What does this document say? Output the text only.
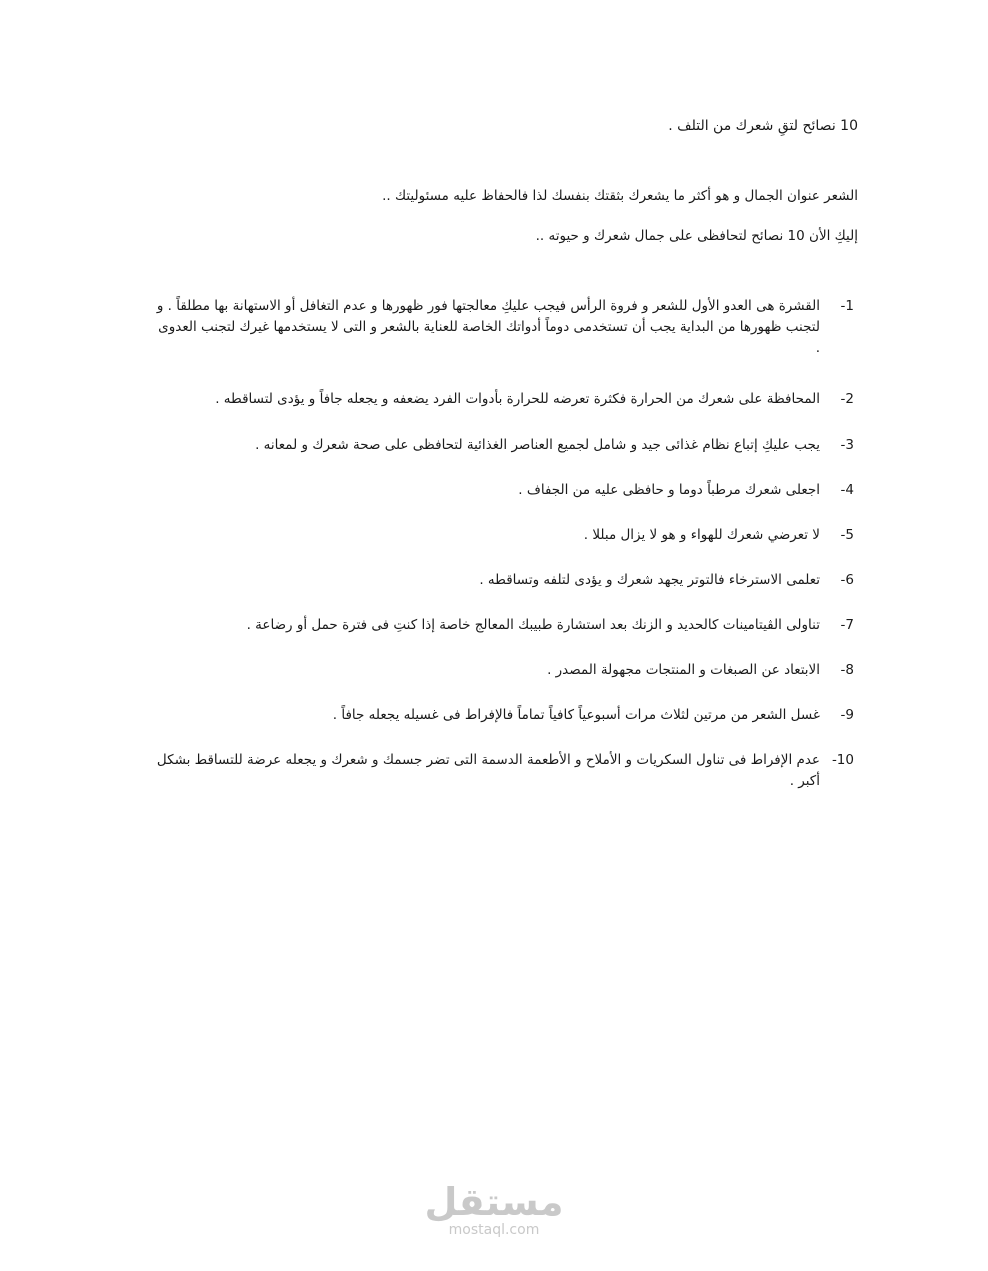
10 نصائح لتقِ شعرك من التلف .
الشعر عنوان الجمال و هو أكثر ما يشعرك بثقتك بنفسك لذا فالحفاظ عليه مسئوليتك ..
إليكِ الأن 10 نصائح لتحافظى على جمال شعرك و حيوته ..
-1
القشرة هى العدو الأول للشعر و فروة الرأس فيجب عليكِ معالجتها فور ظهورها و عدم التغافل أو الاستهانة بها مطلقاً . و لتجنب ظهورها من البداية يجب أن تستخدمى دوماً أدواتك الخاصة للعناية بالشعر و التى لا يستخدمها غيرك لتجنب العدوى .
-2
المحافظة على شعرك من الحرارة فكثرة تعرضه للحرارة بأدوات الفرد يضعفه و يجعله جافاً و يؤدى لتساقطه .
-3
يجب عليكِ إتباع نظام غذائى جيد و شامل لجميع العناصر الغذائية لتحافظى على صحة شعرك و لمعانه .
-4
اجعلى شعرك مرطباً دوما و حافظى عليه من الجفاف .
-5
لا تعرضي شعرك للهواء و هو لا يزال مبللا .
-6
تعلمى الاسترخاء فالتوتر يجهد شعرك و يؤدى لتلفه وتساقطه .
-7
تناولى الڤيتامينات كالحديد و الزنك بعد استشارة طبيبك المعالج خاصة إذا كنتِ فى فترة حمل أو رضاعة .
-8
الابتعاد عن الصبغات و المنتجات مجهولة المصدر .
-9
غسل الشعر من مرتين لثلاث مرات أسبوعياً كافياً تماماً فالإفراط فى غسيله يجعله جافاً .
-10
عدم الإفراط فى تناول السكريات و الأملاح و الأطعمة الدسمة التى تضر جسمك و شعرك و يجعله عرضة للتساقط بشكل أكبر .
مستقل
mostaql.com
